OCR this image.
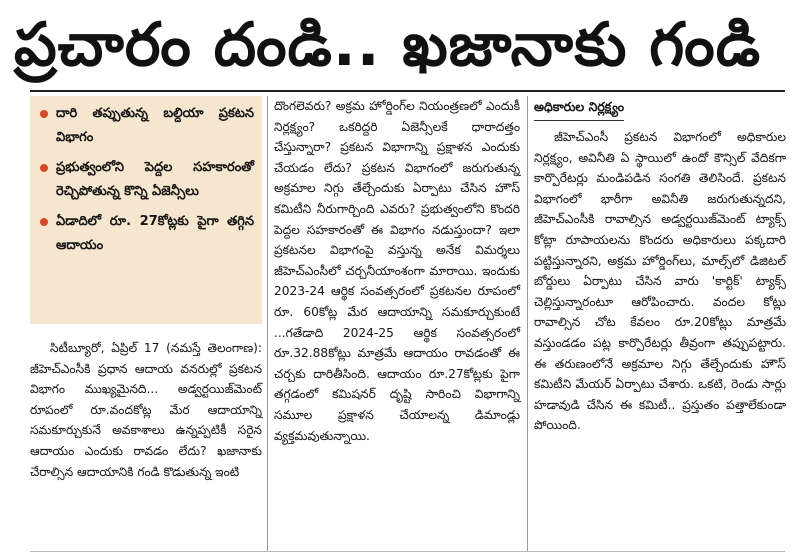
ప్రచారం దండి.. ఖజానాకు గండి
దారి తప్పుతున్న బల్దియా ప్రకటన విభాగం
ప్రభుత్వంలోని పెద్దల సహకారంతో రెచ్చిపోతున్న కొన్ని ఏజెన్సీలు
ఏడాదిలో రూ. 27కోట్లకు పైగా తగ్గిన ఆదాయం

సిటీబ్యూరో, ఏప్రిల్ 17 (నమస్తే తెలంగాణ): జీహెచ్ఎంసీకి ప్రధాన ఆదాయ వనరుల్లో ప్రకటన విభాగం ముఖ్యమైనది... అడ్వర్టయిజ్‌మెంట్ రూపంలో రూ.వందకోట్ల మేర ఆదాయాన్ని సమకూర్చుకునే అవకాశాలు ఉన్నప్పటికీ సరైన ఆదాయం ఎందుకు రావడం లేదు? ఖజానాకు చేరాల్సిన ఆదాయానికి గండి కొడుతున్న ఇంటి

దొంగలెవరు? అక్రమ హోర్డింగ్‌ల నియంత్రణలో ఎందుకీ నిర్లక్ష్యం? ఒకరిద్దరి ఏజెన్సీలకే ధారాదత్తం చేస్తున్నారా? ప్రకటన విభాగాన్ని ప్రక్షాళన ఎందుకు చేయడం లేదు? ప్రకటన విభాగంలో జరుగుతున్న అక్రమాల నిగ్గు తేల్చేందుకు ఏర్పాటు చేసిన హౌస్ కమిటీని నీరుగార్చింది ఎవరు? ప్రభుత్వంలోని కొందరి పెద్దల సహకారంతో ఈ విభాగం నడుస్తుందా? ఇలా ప్రకటనల విభాగంపై వస్తున్న అనేక విమర్శలు జీహెచ్ఎంసీలో చర్చనీయాంశంగా మారాయి. ఇందుకు 2023-24 ఆర్థిక సంవత్సరంలో ప్రకటనల రూపంలో రూ. 60కోట్ల మేర ఆదాయాన్ని సమకూర్చుకుంటే ...గతేడాది 2024-25 ఆర్థిక సంవత్సరంలో రూ.32.88కోట్లు మాత్రమే ఆదాయం రావడంతో ఈ చర్చకు దారితీసింది. ఆదాయం రూ.27కోట్లకు పైగా తగ్గడంలో కమిషనర్ దృష్టి సారించి విభాగాన్ని సమూల ప్రక్షాళన చేయాలన్న డిమాండ్లు వ్యక్తమవుతున్నాయి.

అధికారుల నిర్లక్ష్యం

జీహెచ్ఎంసీ ప్రకటన విభాగంలో అధికారుల నిర్లక్ష్యం, అవినీతి ఏ స్థాయిలో ఉందో కౌన్సిల్ వేదికగా కార్పొరేటర్లు మండిపడిన సంగతి తెలిసిందే. ప్రకటన విభాగంలో భారీగా అవినీతి జరుగుతున్నదని, జీహెచ్ఎంసీకి రావాల్సిన అడ్వర్టయిజ్‌మెంట్ ట్యాక్స్ కోట్లా రూపాయలను కొందరు అధికారులు పక్కదారి పట్టిస్తున్నారని, అక్రమ హోర్డింగ్‌లు, మాల్స్‌లో డిజిటల్ బోర్డులు ఏర్పాటు చేసిన వారు 'కార్టిక్' ట్యాక్స్ చెల్లిస్తున్నారంటూ ఆరోపించారు. వందల కోట్లు రావాల్సిన చోట కేవలం రూ.20కోట్లు మాత్రమే వస్తుండడం పట్ల కార్పొరేటర్లు తీవ్రంగా తప్పుపట్టారు. ఈ తరుణంలోనే అక్రమాల నిగ్గు తేల్చేందుకు హౌస్ కమిటీని మేయర్ ఏర్పాటు చేశారు. ఒకటి, రెండు సార్లు హడావుడి చేసిన ఈ కమిటీ.. ప్రస్తుతం పత్తాలేకుండా పోయింది.
